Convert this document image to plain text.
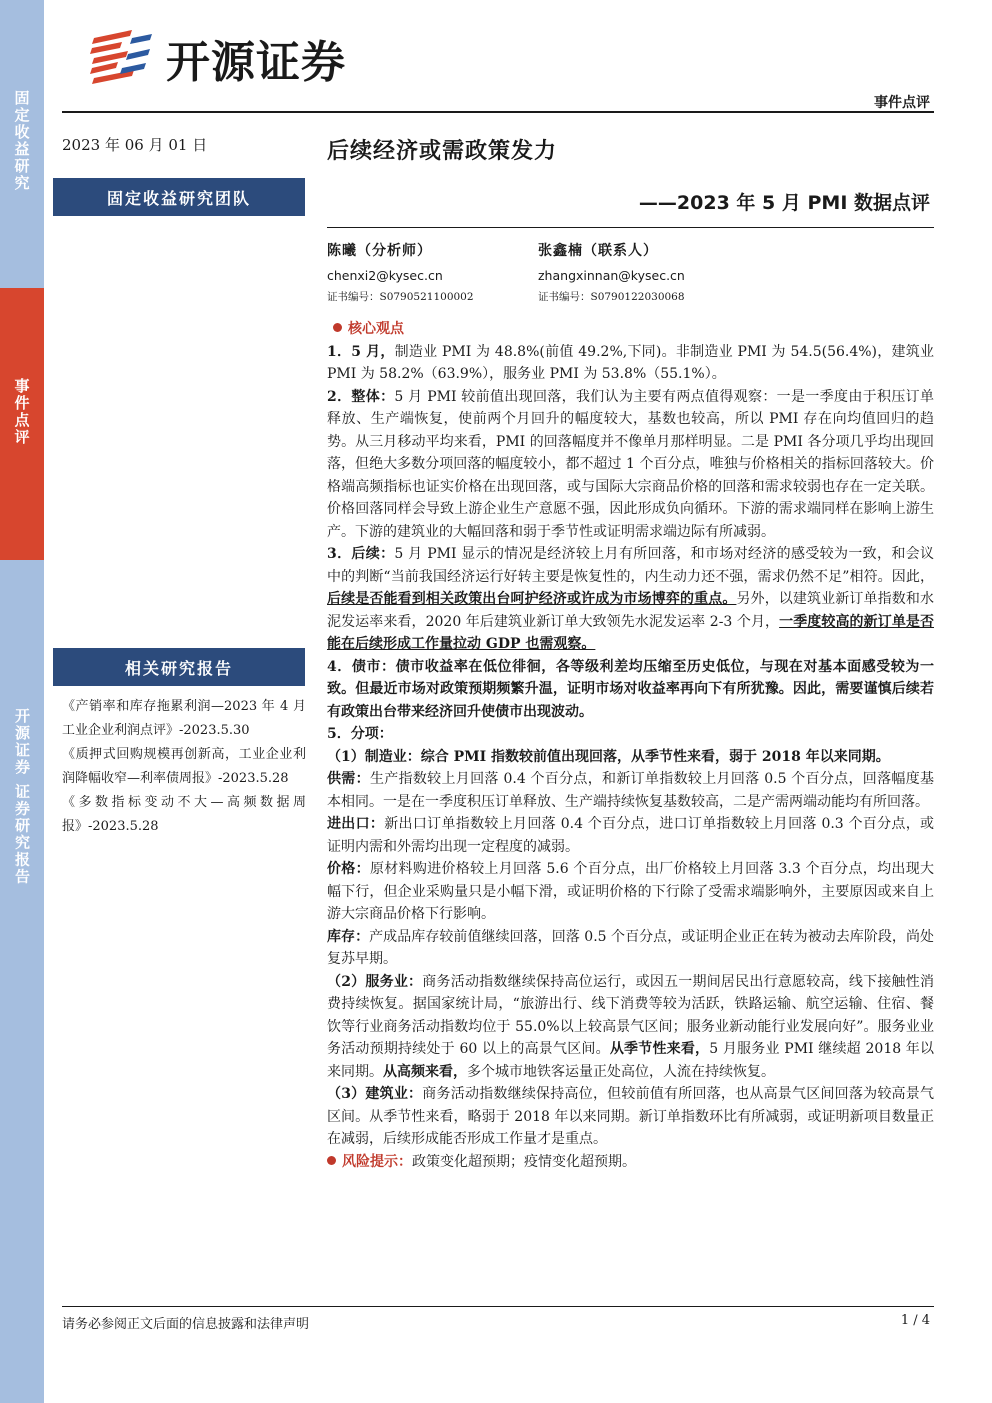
固定收益研究
事件点评
开源证券 证券研究报告
开源证券
事件点评
2023 年 06 月 01 日	后续经济或需政策发力
——2023 年 5 月 PMI 数据点评
固定收益研究团队
陈曦（分析师）
chenxi2@kysec.cn
证书编号：S0790521100002
张鑫楠（联系人）
zhangxinnan@kysec.cn
证书编号：S0790122030068

核心观点

1．5 月，制造业 PMI 为 48.8%(前值 49.2%,下同)。非制造业 PMI 为 54.5(56.4%)，建筑业 PMI 为 58.2%（63.9%），服务业 PMI 为 53.8%（55.1%）。

2．整体：5 月 PMI 较前值出现回落，我们认为主要有两点值得观察：一是一季度由于积压订单释放、生产端恢复，使前两个月回升的幅度较大，基数也较高，所以 PMI 存在向均值回归的趋势。从三月移动平均来看，PMI 的回落幅度并不像单月那样明显。二是 PMI 各分项几乎均出现回落，但绝大多数分项回落的幅度较小，都不超过 1 个百分点，唯独与价格相关的指标回落较大。价格端高频指标也证实价格在出现回落，或与国际大宗商品价格的回落和需求较弱也存在一定关联。价格回落同样会导致上游企业生产意愿不强，因此形成负向循环。下游的需求端同样在影响上游生产。下游的建筑业的大幅回落和弱于季节性或证明需求端边际有所减弱。

3．后续：5 月 PMI 显示的情况是经济较上月有所回落，和市场对经济的感受较为一致，和会议中的判断“当前我国经济运行好转主要是恢复性的，内生动力还不强，需求仍然不足”相符。因此，后续是否能看到相关政策出台呵护经济或许成为市场博弈的重点。另外，以建筑业新订单指数和水泥发运率来看，2020 年后建筑业新订单大致领先水泥发运率 2-3 个月，一季度较高的新订单是否能在后续形成工作量拉动 GDP 也需观察。

4．债市：债市收益率在低位徘徊，各等级利差均压缩至历史低位，与现在对基本面感受较为一致。但最近市场对政策预期频繁升温，证明市场对收益率再向下有所犹豫。因此，需要谨慎后续若有政策出台带来经济回升使债市出现波动。

5．分项：

（1）制造业：综合 PMI 指数较前值出现回落，从季节性来看，弱于 2018 年以来同期。

供需：生产指数较上月回落 0.4 个百分点，和新订单指数较上月回落 0.5 个百分点，回落幅度基本相同。一是在一季度积压订单释放、生产端持续恢复基数较高，二是产需两端动能均有所回落。

进出口：新出口订单指数较上月回落 0.4 个百分点，进口订单指数较上月回落 0.3 个百分点，或证明内需和外需均出现一定程度的减弱。

价格：原材料购进价格较上月回落 5.6 个百分点，出厂价格较上月回落 3.3 个百分点，均出现大幅下行，但企业采购量只是小幅下滑，或证明价格的下行除了受需求端影响外，主要原因或来自上游大宗商品价格下行影响。

库存：产成品库存较前值继续回落，回落 0.5 个百分点，或证明企业正在转为被动去库阶段，尚处复苏早期。

（2）服务业：商务活动指数继续保持高位运行，或因五一期间居民出行意愿较高，线下接触性消费持续恢复。据国家统计局，“旅游出行、线下消费等较为活跃，铁路运输、航空运输、住宿、餐饮等行业商务活动指数均位于 55.0%以上较高景气区间；服务业新动能行业发展向好”。服务业业务活动预期持续处于 60 以上的高景气区间。从季节性来看，5 月服务业 PMI 继续超 2018 年以来同期。从高频来看，多个城市地铁客运量正处高位，人流在持续恢复。

（3）建筑业：商务活动指数继续保持高位，但较前值有所回落，也从高景气区间回落为较高景气区间。从季节性来看，略弱于 2018 年以来同期。新订单指数环比有所减弱，或证明新项目数量正在减弱，后续形成能否形成工作量才是重点。

风险提示：政策变化超预期；疫情变化超预期。

相关研究报告

《产销率和库存拖累利润—2023 年 4 月工业企业利润点评》-2023.5.30

《质押式回购规模再创新高，工业企业利润降幅收窄—利率债周报》-2023.5.28

《多数指标变动不大—高频数据周报》-2023.5.28

请务必参阅正文后面的信息披露和法律声明	1 / 4
